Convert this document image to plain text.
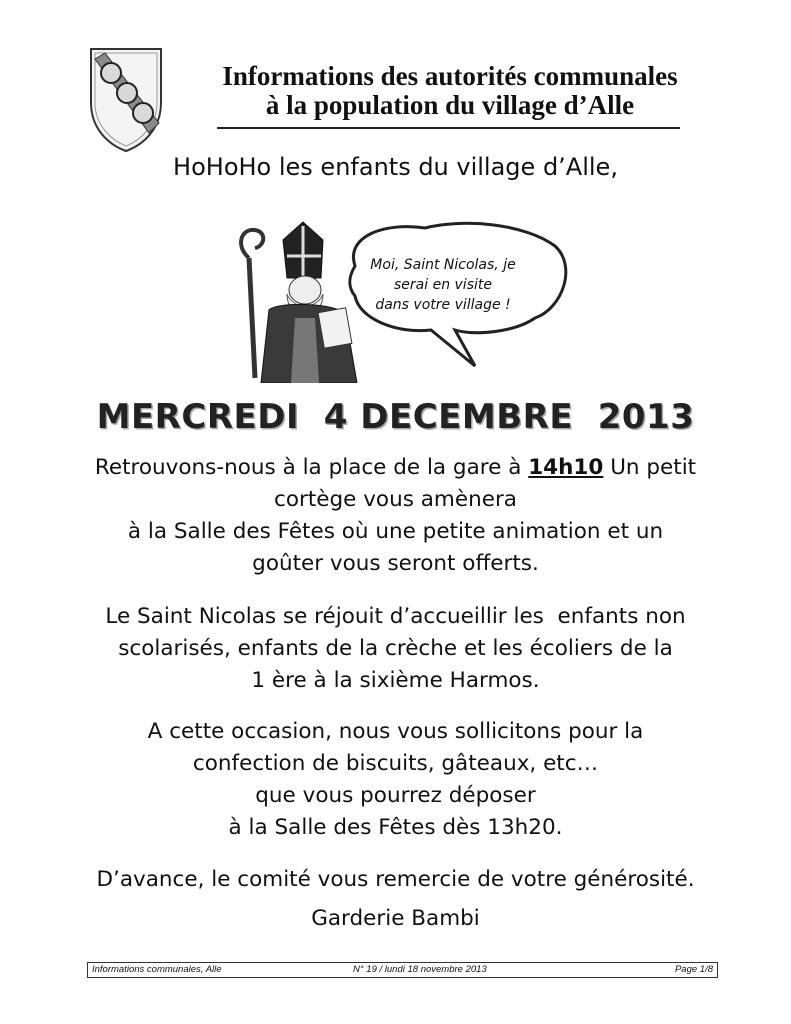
Informations des autorités communales
à la population du village d’Alle
HoHoHo les enfants du village d’Alle,
Moi, Saint Nicolas, je
serai en visite
dans votre village !
MERCREDI  4 DECEMBRE  2013
Retrouvons-nous à la place de la gare à 14h10 Un petit
cortège vous amènera
à la Salle des Fêtes où une petite animation et un
goûter vous seront offerts.
Le Saint Nicolas se réjouit d’accueillir les  enfants non
scolarisés, enfants de la crèche et les écoliers de la
1 ère à la sixième Harmos.
A cette occasion, nous vous sollicitons pour la
confection de biscuits, gâteaux, etc…
que vous pourrez déposer
à la Salle des Fêtes dès 13h20.
D’avance, le comité vous remercie de votre générosité.
Garderie Bambi
Informations communales, Alle	N° 19 / lundi 18 novembre 2013	Page 1/8
